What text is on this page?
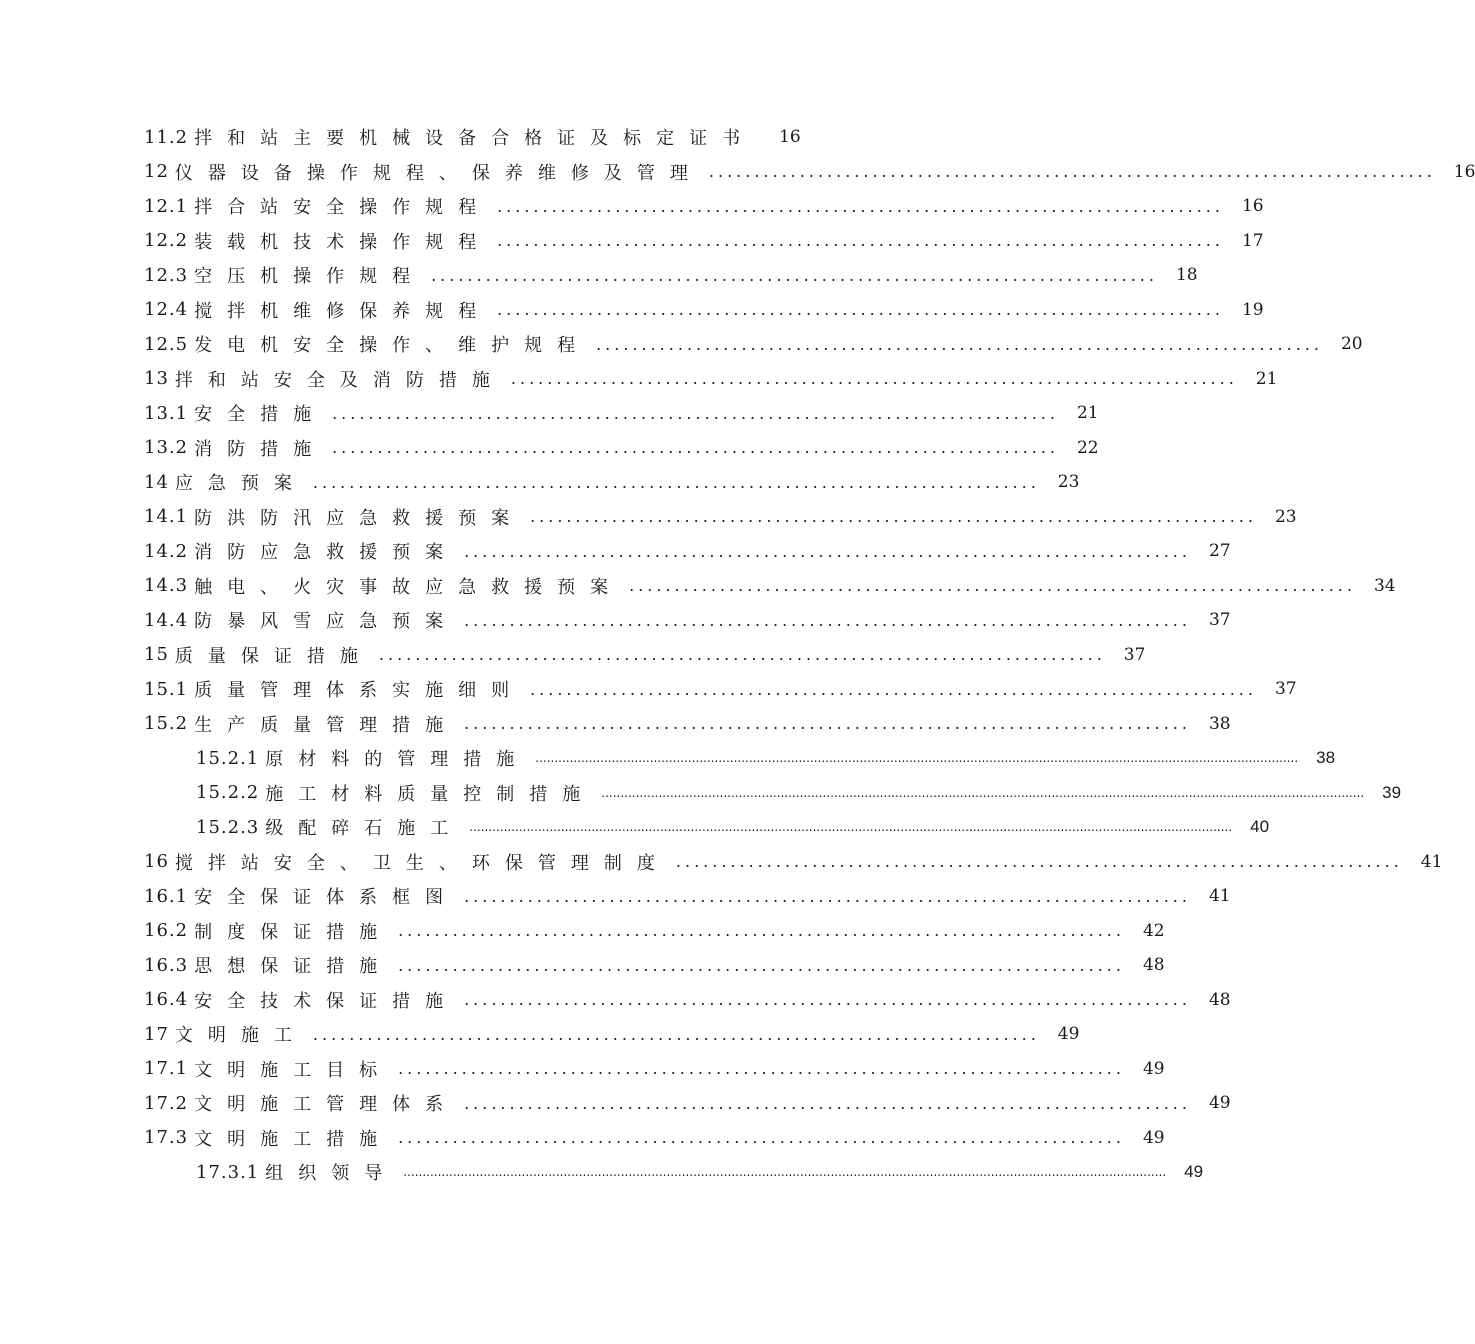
11.2 拌和站主要机械设备合格证及标定证书 16
12 仪器设备操作规程、保养维修及管理 ................................................................................ 16
12.1 拌合站安全操作规程 ................................................................................ 16
12.2 装载机技术操作规程 ................................................................................ 17
12.3 空压机操作规程 ................................................................................ 18
12.4 搅拌机维修保养规程 ................................................................................ 19
12.5 发电机安全操作、维护规程 ................................................................................ 20
13 拌和站安全及消防措施 ................................................................................ 21
13.1 安全措施 ................................................................................ 21
13.2 消防措施 ................................................................................ 22
14 应急预案 ................................................................................ 23
14.1 防洪防汛应急救援预案 ................................................................................ 23
14.2 消防应急救援预案 ................................................................................ 27
14.3 触电、火灾事故应急救援预案 ................................................................................ 34
14.4 防暴风雪应急预案 ................................................................................ 37
15 质量保证措施 ................................................................................ 37
15.1 质量管理体系实施细则 ................................................................................ 37
15.2 生产质量管理措施 ................................................................................ 38
15.2.1 原材料的管理措施 ........................................................................................................................................................................................................ 38
15.2.2 施工材料质量控制措施 ........................................................................................................................................................................................................ 39
15.2.3 级配碎石施工 ........................................................................................................................................................................................................ 40
16 搅拌站安全、卫生、环保管理制度 ................................................................................ 41
16.1 安全保证体系框图 ................................................................................ 41
16.2 制度保证措施 ................................................................................ 42
16.3 思想保证措施 ................................................................................ 48
16.4 安全技术保证措施 ................................................................................ 48
17 文明施工 ................................................................................ 49
17.1 文明施工目标 ................................................................................ 49
17.2 文明施工管理体系 ................................................................................ 49
17.3 文明施工措施 ................................................................................ 49
17.3.1 组织领导 ........................................................................................................................................................................................................ 49
